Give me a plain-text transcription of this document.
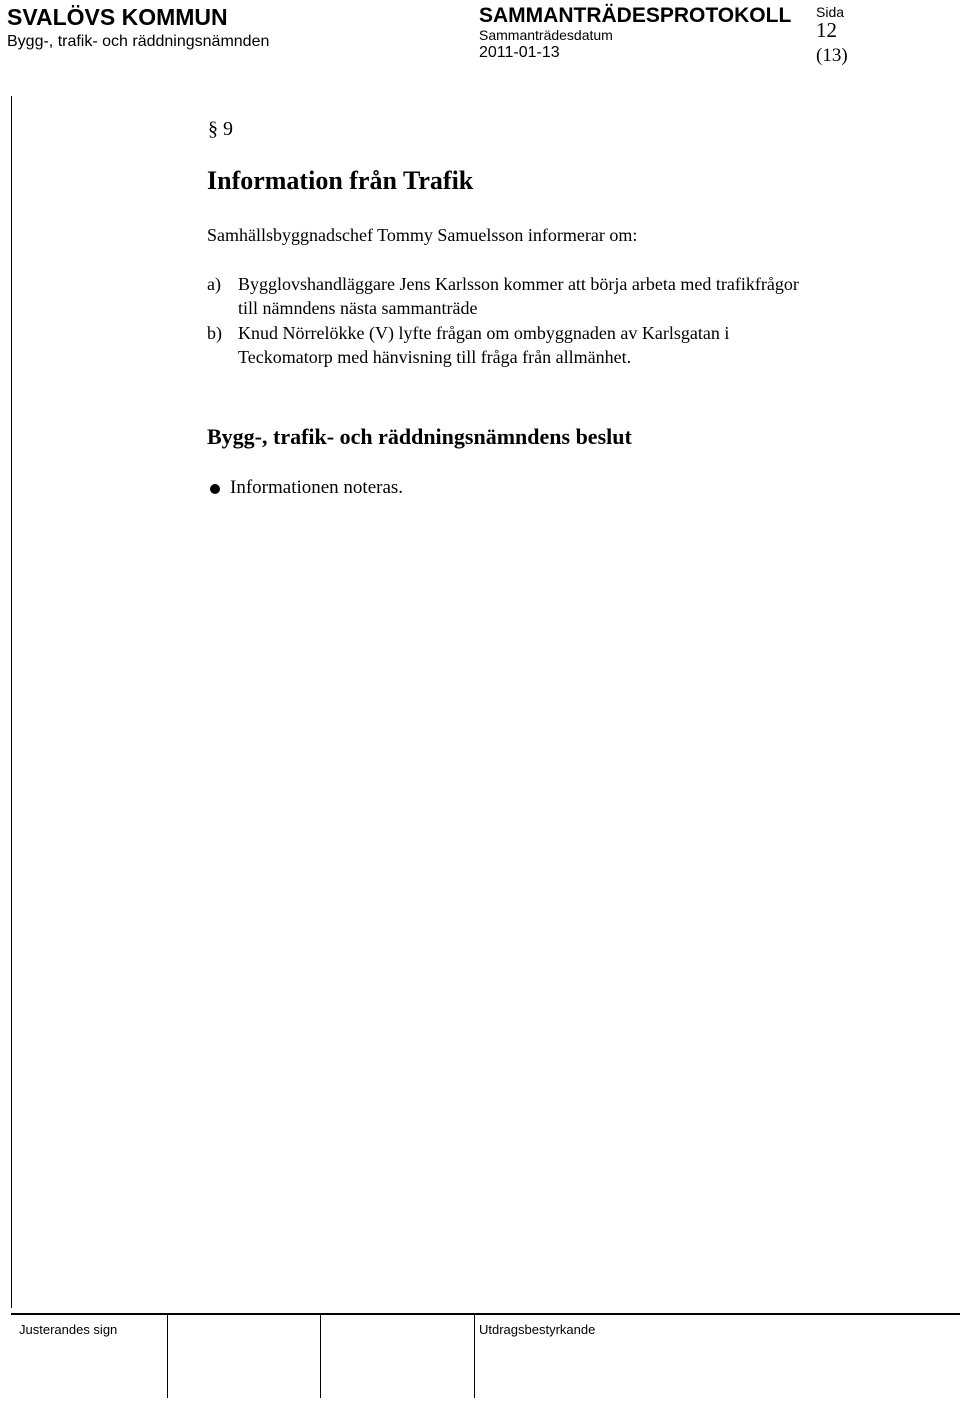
SVALÖVS KOMMUN
Bygg-, trafik- och räddningsnämnden
SAMMANTRÄDESPROTOKOLL
Sammanträdesdatum
2011-01-13
Sida
12
(13)
§ 9
Information från Trafik
Samhällsbyggnadschef Tommy Samuelsson informerar om:
a) Bygglovshandläggare Jens Karlsson kommer att börja arbeta med trafikfrågor
till nämndens nästa sammanträde
b) Knud Nörrelökke (V) lyfte frågan om ombyggnaden av Karlsgatan i
Teckomatorp med hänvisning till fråga från allmänhet.
Bygg-, trafik- och räddningsnämndens beslut
Informationen noteras.
Justerandes sign	Utdragsbestyrkande
